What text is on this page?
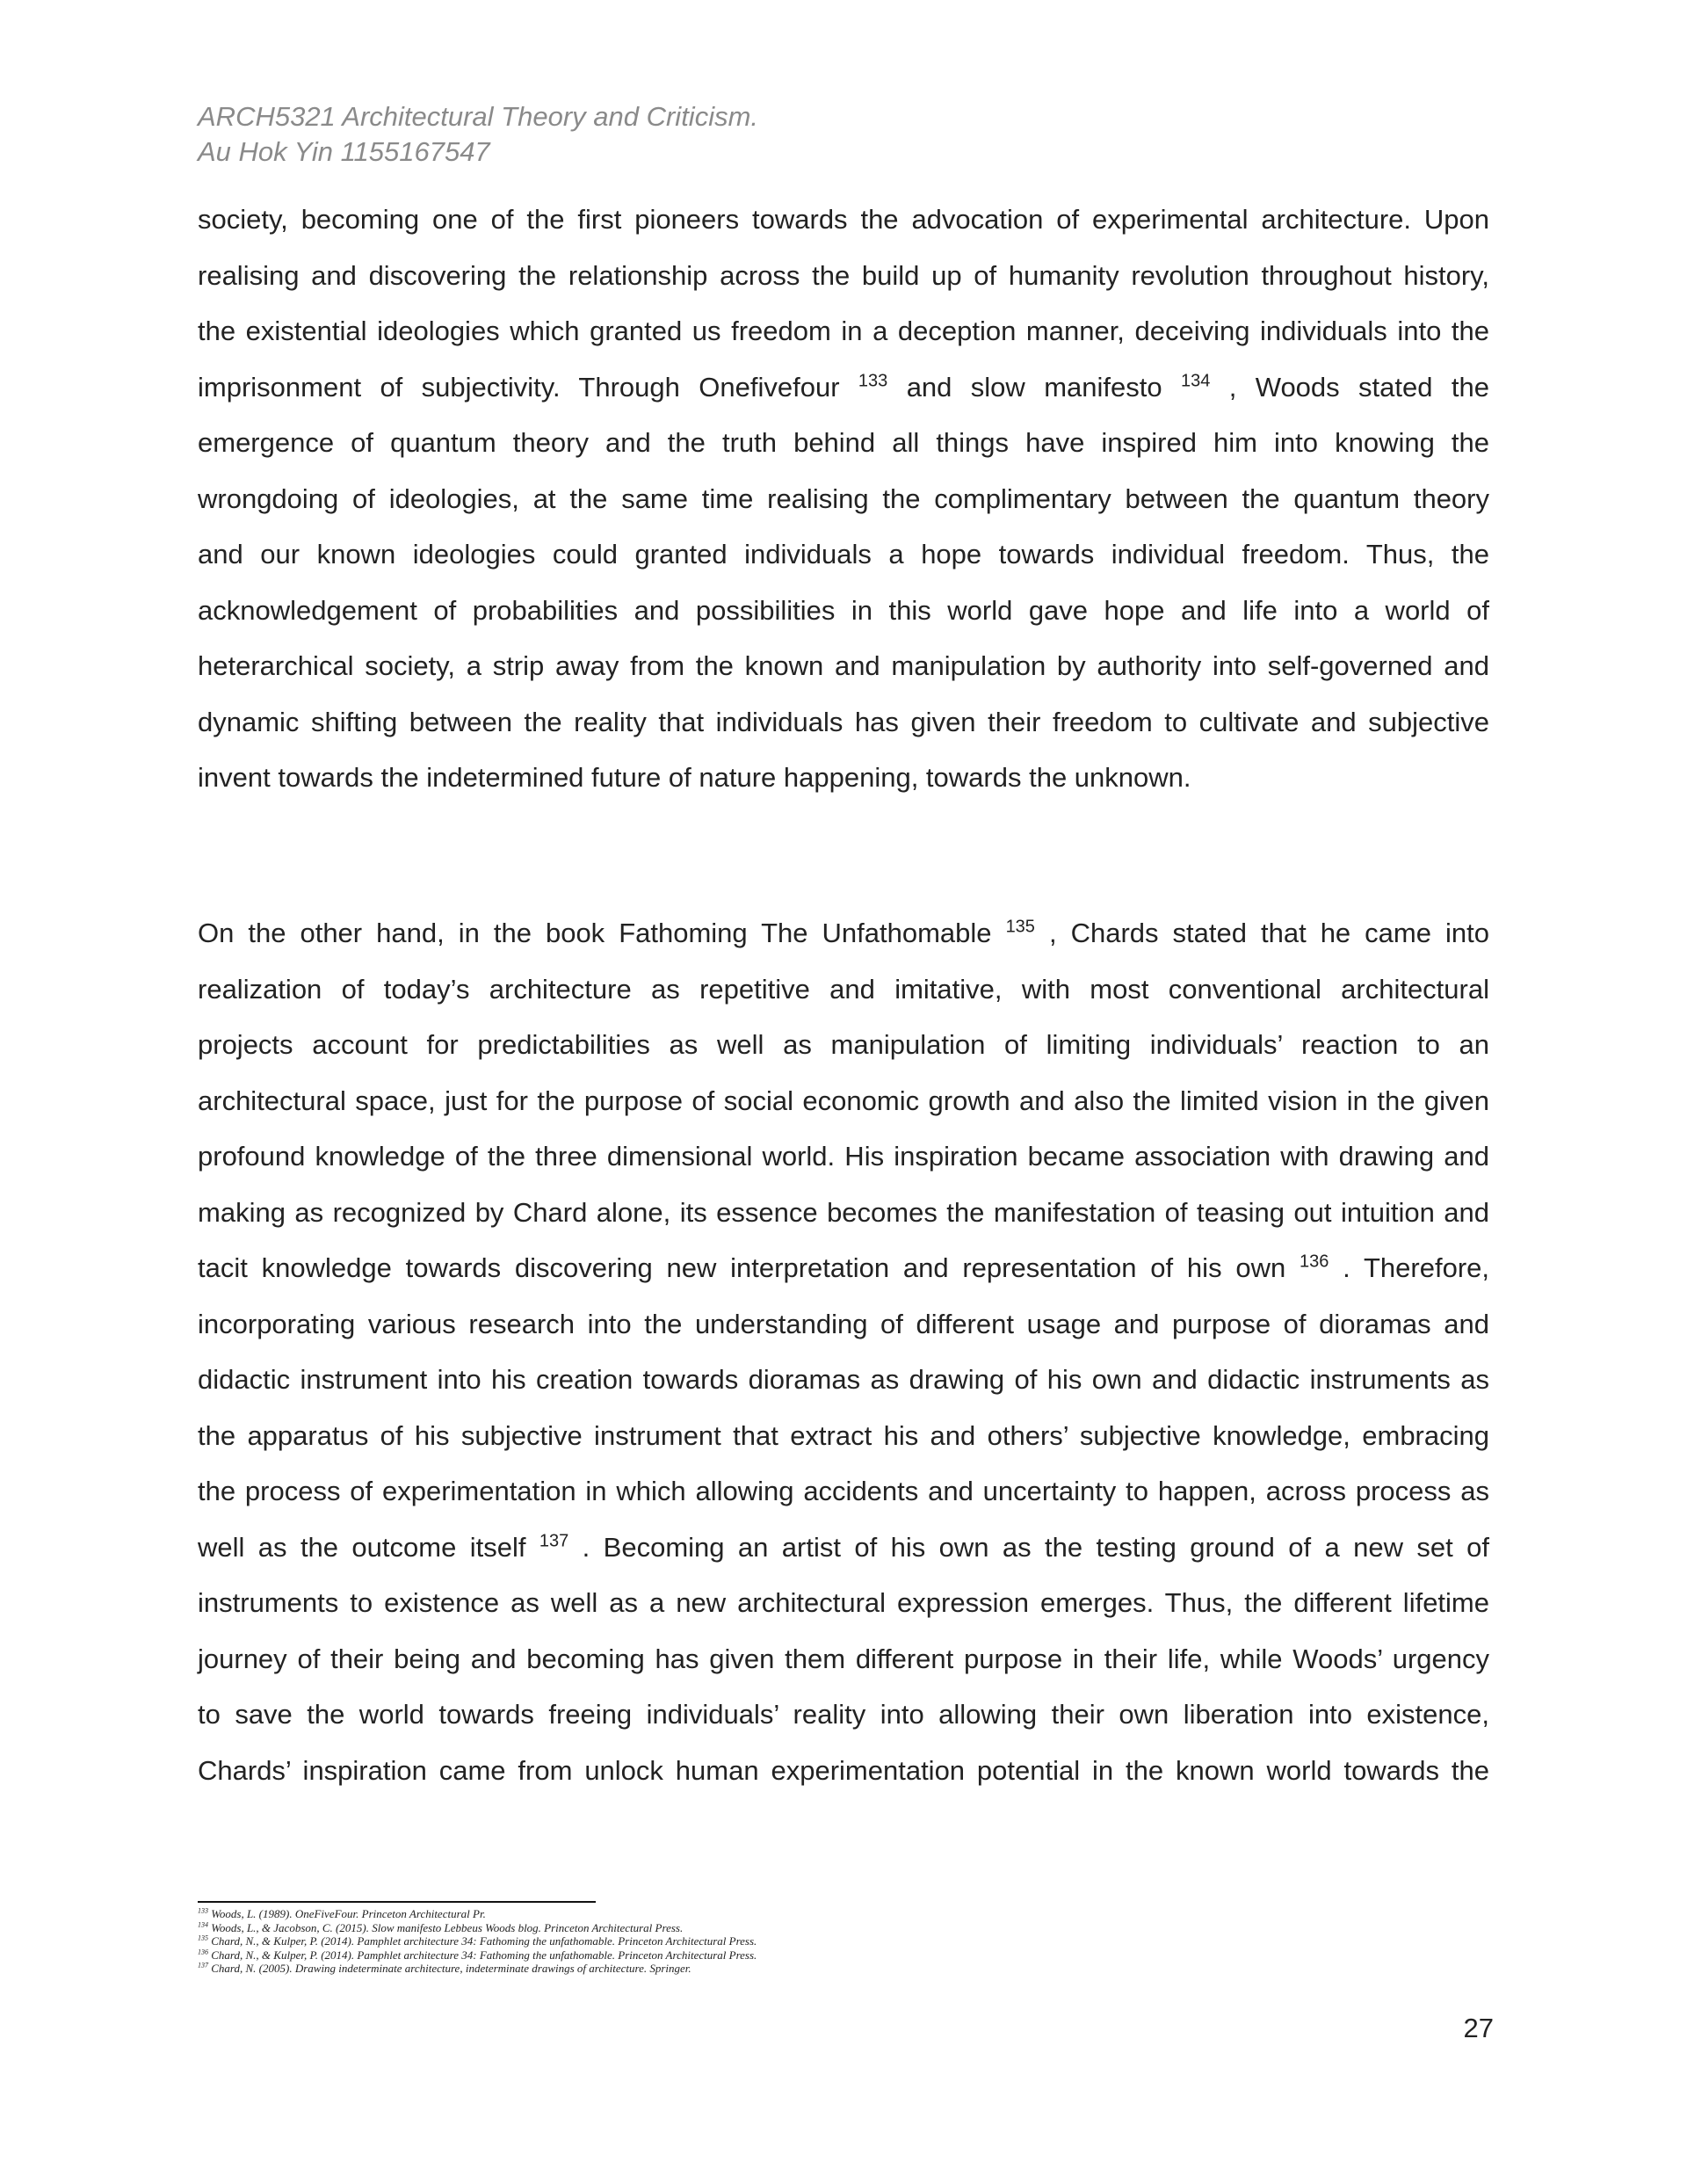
ARCH5321 Architectural Theory and Criticism.
Au Hok Yin 1155167547
society, becoming one of the first pioneers towards the advocation of experimental architecture. Upon
realising and discovering the relationship across the build up of humanity revolution throughout history,
the existential ideologies which granted us freedom in a deception manner, deceiving individuals into the
imprisonment of subjectivity. Through Onefivefour $^{133}$ and slow manifesto $^{134}$ , Woods stated the
emergence of quantum theory and the truth behind all things have inspired him into knowing the
wrongdoing of ideologies, at the same time realising the complimentary between the quantum theory
and our known ideologies could granted individuals a hope towards individual freedom. Thus, the
acknowledgement of probabilities and possibilities in this world gave hope and life into a world of
heterarchical society, a strip away from the known and manipulation by authority into self-governed and
dynamic shifting between the reality that individuals has given their freedom to cultivate and subjective
invent towards the indetermined future of nature happening, towards the unknown.
On the other hand, in the book Fathoming The Unfathomable $^{135}$ , Chards stated that he came into
realization of today’s architecture as repetitive and imitative, with most conventional architectural
projects account for predictabilities as well as manipulation of limiting individuals’ reaction to an
architectural space, just for the purpose of social economic growth and also the limited vision in the given
profound knowledge of the three dimensional world. His inspiration became association with drawing and
making as recognized by Chard alone, its essence becomes the manifestation of teasing out intuition and
tacit knowledge towards discovering new interpretation and representation of his own $^{136}$ . Therefore,
incorporating various research into the understanding of different usage and purpose of dioramas and
didactic instrument into his creation towards dioramas as drawing of his own and didactic instruments as
the apparatus of his subjective instrument that extract his and others’ subjective knowledge, embracing
the process of experimentation in which allowing accidents and uncertainty to happen, across process as
well as the outcome itself $^{137}$ . Becoming an artist of his own as the testing ground of a new set of
instruments to existence as well as a new architectural expression emerges. Thus, the different lifetime
journey of their being and becoming has given them different purpose in their life, while Woods’ urgency
to save the world towards freeing individuals’ reality into allowing their own liberation into existence,
Chards’ inspiration came from unlock human experimentation potential in the known world towards the
$^{133}$ Woods, L. (1989). OneFiveFour. Princeton Architectural Pr.
$^{134}$ Woods, L., & Jacobson, C. (2015). Slow manifesto Lebbeus Woods blog. Princeton Architectural Press.
$^{135}$ Chard, N., & Kulper, P. (2014). Pamphlet architecture 34: Fathoming the unfathomable. Princeton Architectural Press.
$^{136}$ Chard, N., & Kulper, P. (2014). Pamphlet architecture 34: Fathoming the unfathomable. Princeton Architectural Press.
$^{137}$ Chard, N. (2005). Drawing indeterminate architecture, indeterminate drawings of architecture. Springer.
27
